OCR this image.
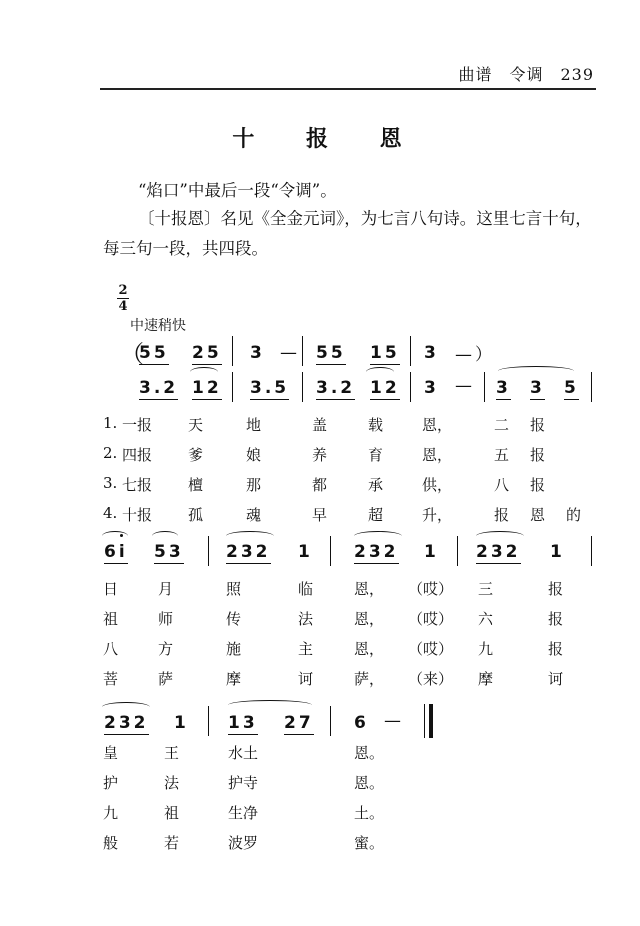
曲谱　令调　239
十 报 恩
“焰口”中最后一段“令调”。
〔十报恩〕名见《全金元词》，为七言八句诗。这里七言十句，每三句一段，共四段。
2
4
中速稍快
（
55 25 3 — 55 15 3 —）
3.2 12 3.5 3.2 12 3 — 3 3 5
1. 一报 天	地	盖	载	恩，	二 报
2. 四报 爹	娘	养	育	恩，	五 报
3. 七报 檀	那	都	承	供，	八 报
4. 十报 孤	魂	早	超	升，	报 恩 的
6i 53 232 1 232 1 232 1
日	月	照	临	恩， （哎） 三	报
祖	师	传	法	恩， （哎） 六	报
八	方	施	主	恩， （哎） 九	报
菩	萨	摩	诃	萨， （来） 摩	诃
232 1 13 27 6 —
皇	王	水土	恩。
护	法	护寺	恩。
九	祖	生净	土。
般	若	波罗	蜜。
